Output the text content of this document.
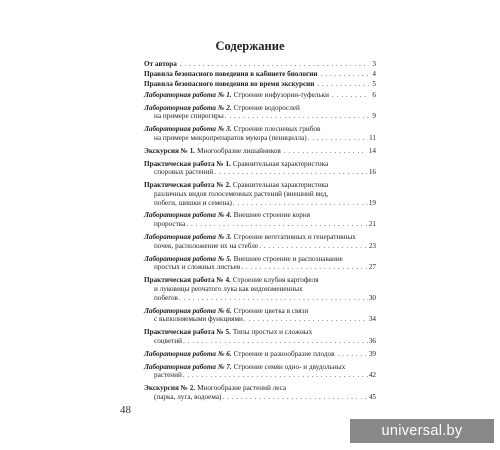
Содержание
От автора . . .	3
Правила безопасного поведения в кабинете биологии . . .	4
Правила безопасного поведения во время экскурсии . . .	5
Лабораторная работа № 1. Строение инфузории-туфельки . . .	6
Лабораторная работа № 2. Строение водорослей
на примере спирогиры . . .	9
Лабораторная работа № 3. Строение плесневых грибов
на примере микропрепаратов мукора (пеницилла) . . .	11
Экскурсия № 1. Многообразие лишайников . . .	14
Практическая работа № 1. Сравнительная характеристика
споровых растений . . .	16
Практическая работа № 2. Сравнительная характеристика
различных видов голосеменных растений (внешний вид,
побеги, шишки и семена) . . .	19
Лабораторная работа № 4. Внешнее строение корня
проростка . . .	21
Лабораторная работа № 3. Строение вегетативных и генеративных
почек, расположение их на стебле . . .	23
Лабораторная работа № 5. Внешнее строение и распознавание
простых и сложных листьев . . .	27
Практическая работа № 4. Строение клубня картофеля
и луковицы репчатого лука как видоизмененных
побегов . . .	30
Лабораторная работа № 6. Строение цветка в связи
с выполняемыми функциями . . .	34
Практическая работа № 5. Типы простых и сложных
соцветий . . .	36
Лабораторная работа № 6. Строение и разнообразие плодов . . .	39
Лабораторная работа № 7. Строение семян одно- и двудольных
растений . . .	42
Экскурсия № 2. Многообразие растений леса
(парка, луга, водоема) . . .	45
48
universal.by
